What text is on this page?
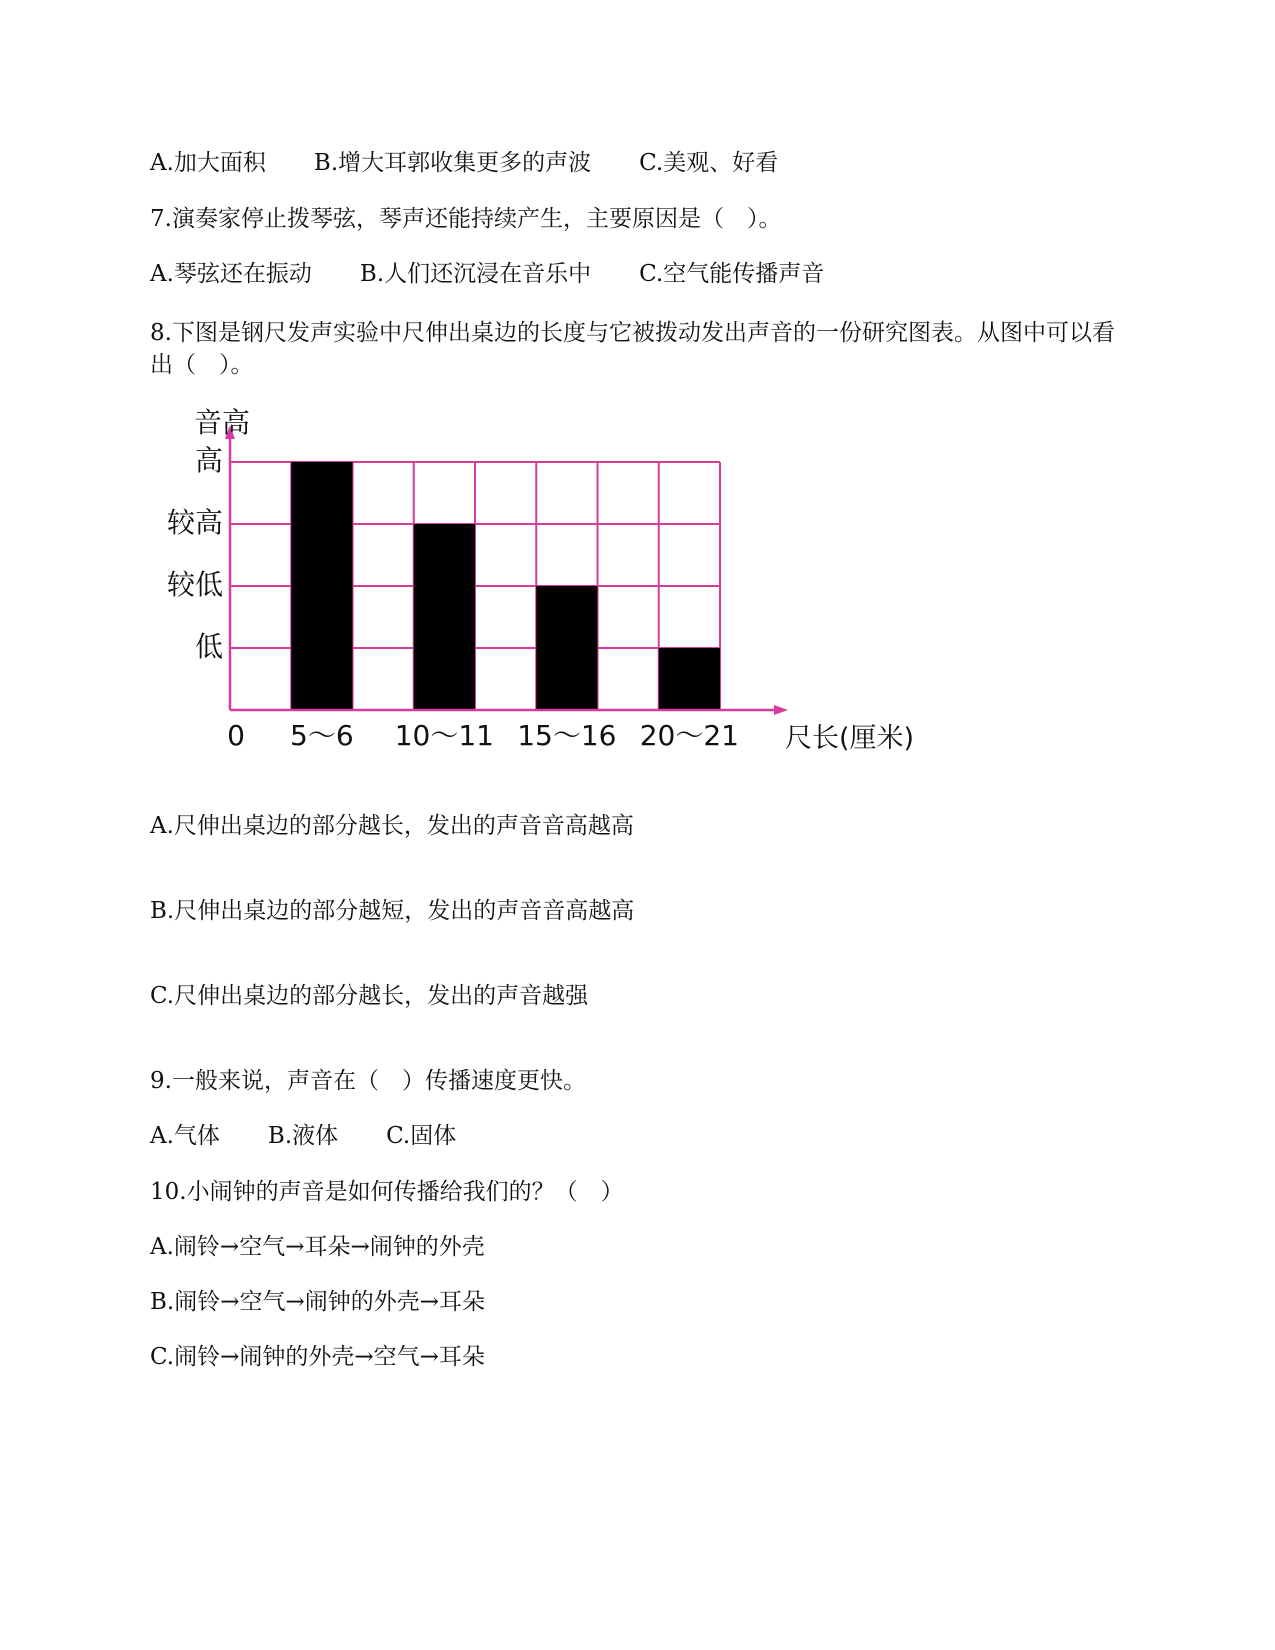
A.加大面积 B.增大耳郭收集更多的声波 C.美观、好看

7.演奏家停止拨琴弦，琴声还能持续产生，主要原因是（　）。

A.琴弦还在振动 B.人们还沉浸在音乐中 C.空气能传播声音

8.下图是钢尺发声实验中尺伸出桌边的长度与它被拨动发出声音的一份研究图表。从图中可以看出（　）。

音高
尺长(厘米)
0
低
较低
较高
高
5～6 10～11 15～16 20～21

A.尺伸出桌边的部分越长，发出的声音音高越高

B.尺伸出桌边的部分越短，发出的声音音高越高

C.尺伸出桌边的部分越长，发出的声音越强

9.一般来说，声音在（　）传播速度更快。

A.气体 B.液体 C.固体

10.小闹钟的声音是如何传播给我们的？（　）

A.闹铃→空气→耳朵→闹钟的外壳

B.闹铃→空气→闹钟的外壳→耳朵

C.闹铃→闹钟的外壳→空气→耳朵
